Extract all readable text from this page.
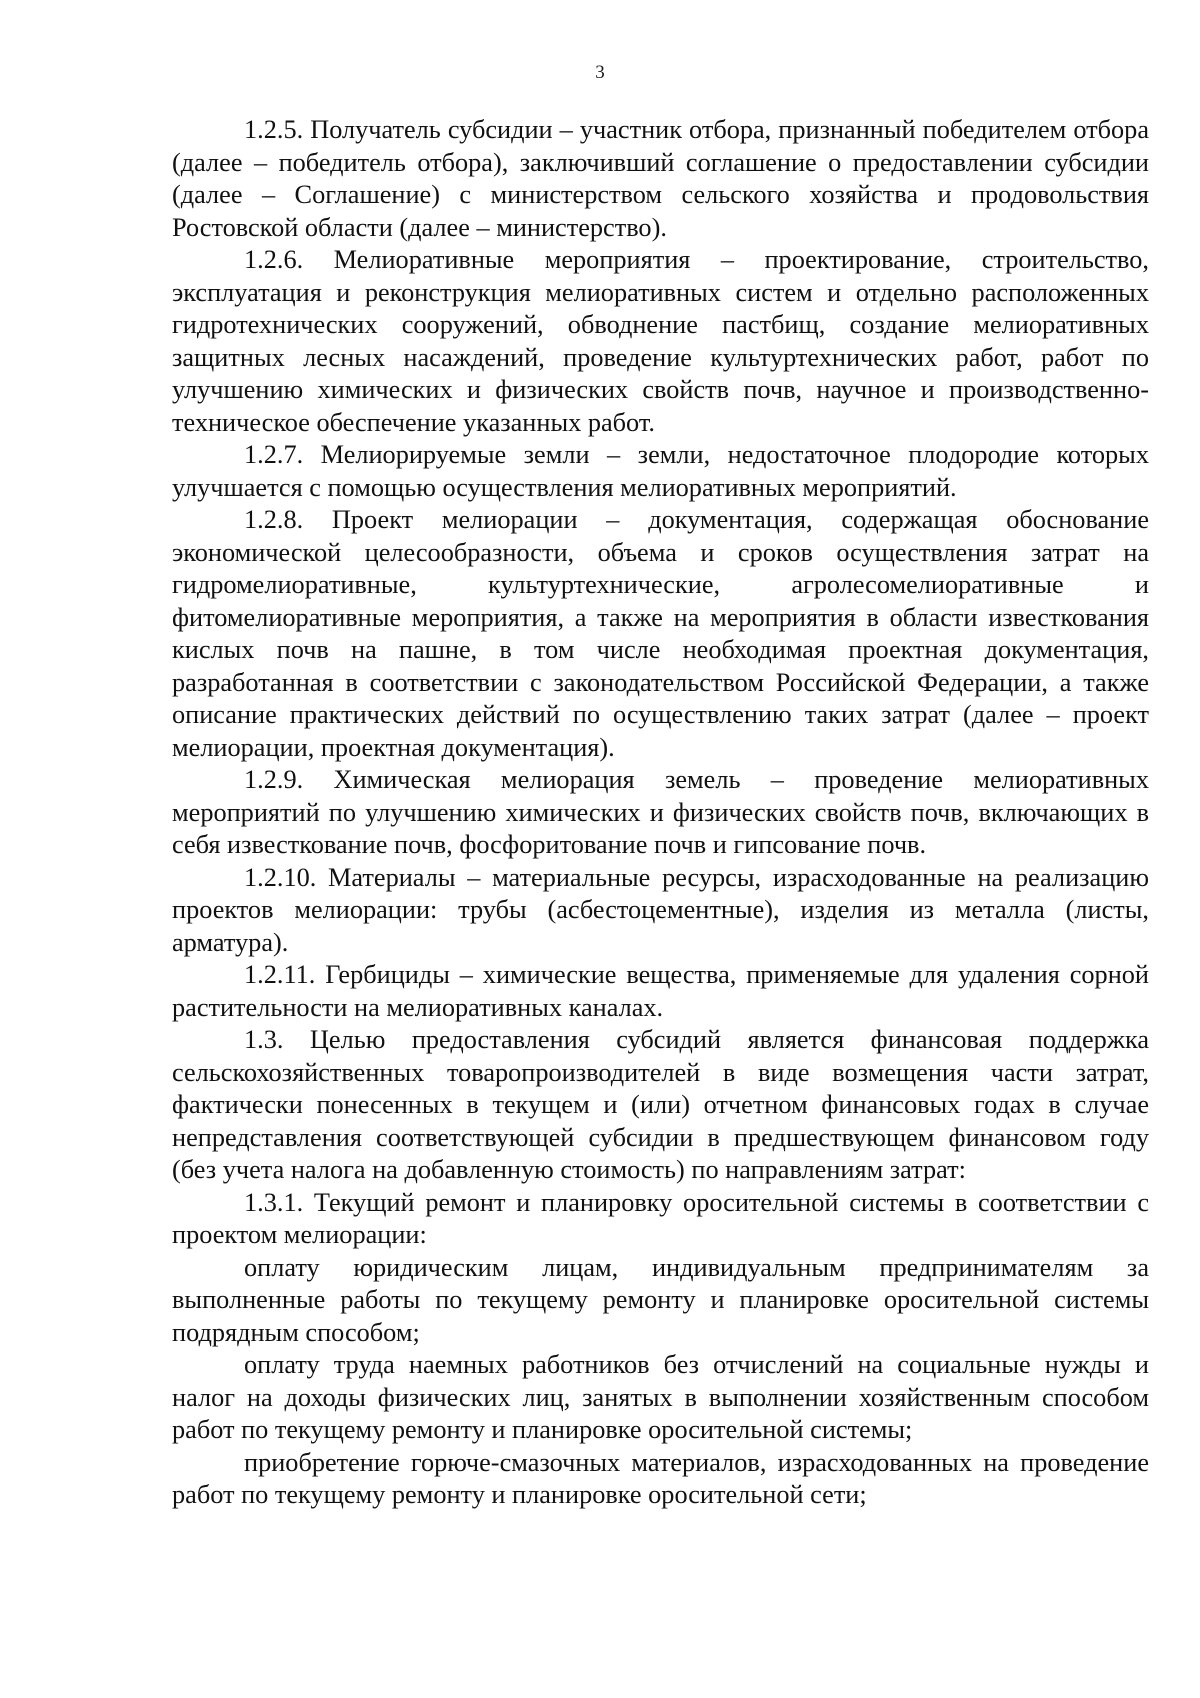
3

1.2.5. Получатель субсидии – участник отбора, признанный победителем отбора (далее – победитель отбора), заключивший соглашение о предоставлении субсидии (далее – Соглашение) с министерством сельского хозяйства и продовольствия Ростовской области (далее – министерство).

1.2.6. Мелиоративные мероприятия – проектирование, строительство, эксплуатация и реконструкция мелиоративных систем и отдельно расположенных гидротехнических сооружений, обводнение пастбищ, создание мелиоративных защитных лесных насаждений, проведение культуртехнических работ, работ по улучшению химических и физических свойств почв, научное и производственно-техническое обеспечение указанных работ.

1.2.7. Мелиорируемые земли – земли, недостаточное плодородие которых улучшается с помощью осуществления мелиоративных мероприятий.

1.2.8. Проект мелиорации – документация, содержащая обоснование экономической целесообразности, объема и сроков осуществления затрат на гидромелиоративные, культуртехнические, агролесомелиоративные и фитомелиоративные мероприятия, а также на мероприятия в области известкования кислых почв на пашне, в том числе необходимая проектная документация, разработанная в соответствии с законодательством Российской Федерации, а также описание практических действий по осуществлению таких затрат (далее – проект мелиорации, проектная документация).

1.2.9. Химическая мелиорация земель – проведение мелиоративных мероприятий по улучшению химических и физических свойств почв, включающих в себя известкование почв, фосфоритование почв и гипсование почв.

1.2.10. Материалы – материальные ресурсы, израсходованные на реализацию проектов мелиорации: трубы (асбестоцементные), изделия из металла (листы, арматура).

1.2.11. Гербициды – химические вещества, применяемые для удаления сорной растительности на мелиоративных каналах.

1.3. Целью предоставления субсидий является финансовая поддержка сельскохозяйственных товаропроизводителей в виде возмещения части затрат, фактически понесенных в текущем и (или) отчетном финансовых годах в случае непредставления соответствующей субсидии в предшествующем финансовом году (без учета налога на добавленную стоимость) по направлениям затрат:

1.3.1. Текущий ремонт и планировку оросительной системы в соответствии с проектом мелиорации:

оплату юридическим лицам, индивидуальным предпринимателям за выполненные работы по текущему ремонту и планировке оросительной системы подрядным способом;

оплату труда наемных работников без отчислений на социальные нужды и налог на доходы физических лиц, занятых в выполнении хозяйственным способом работ по текущему ремонту и планировке оросительной системы;

приобретение горюче-смазочных материалов, израсходованных на проведение работ по текущему ремонту и планировке оросительной сети;
